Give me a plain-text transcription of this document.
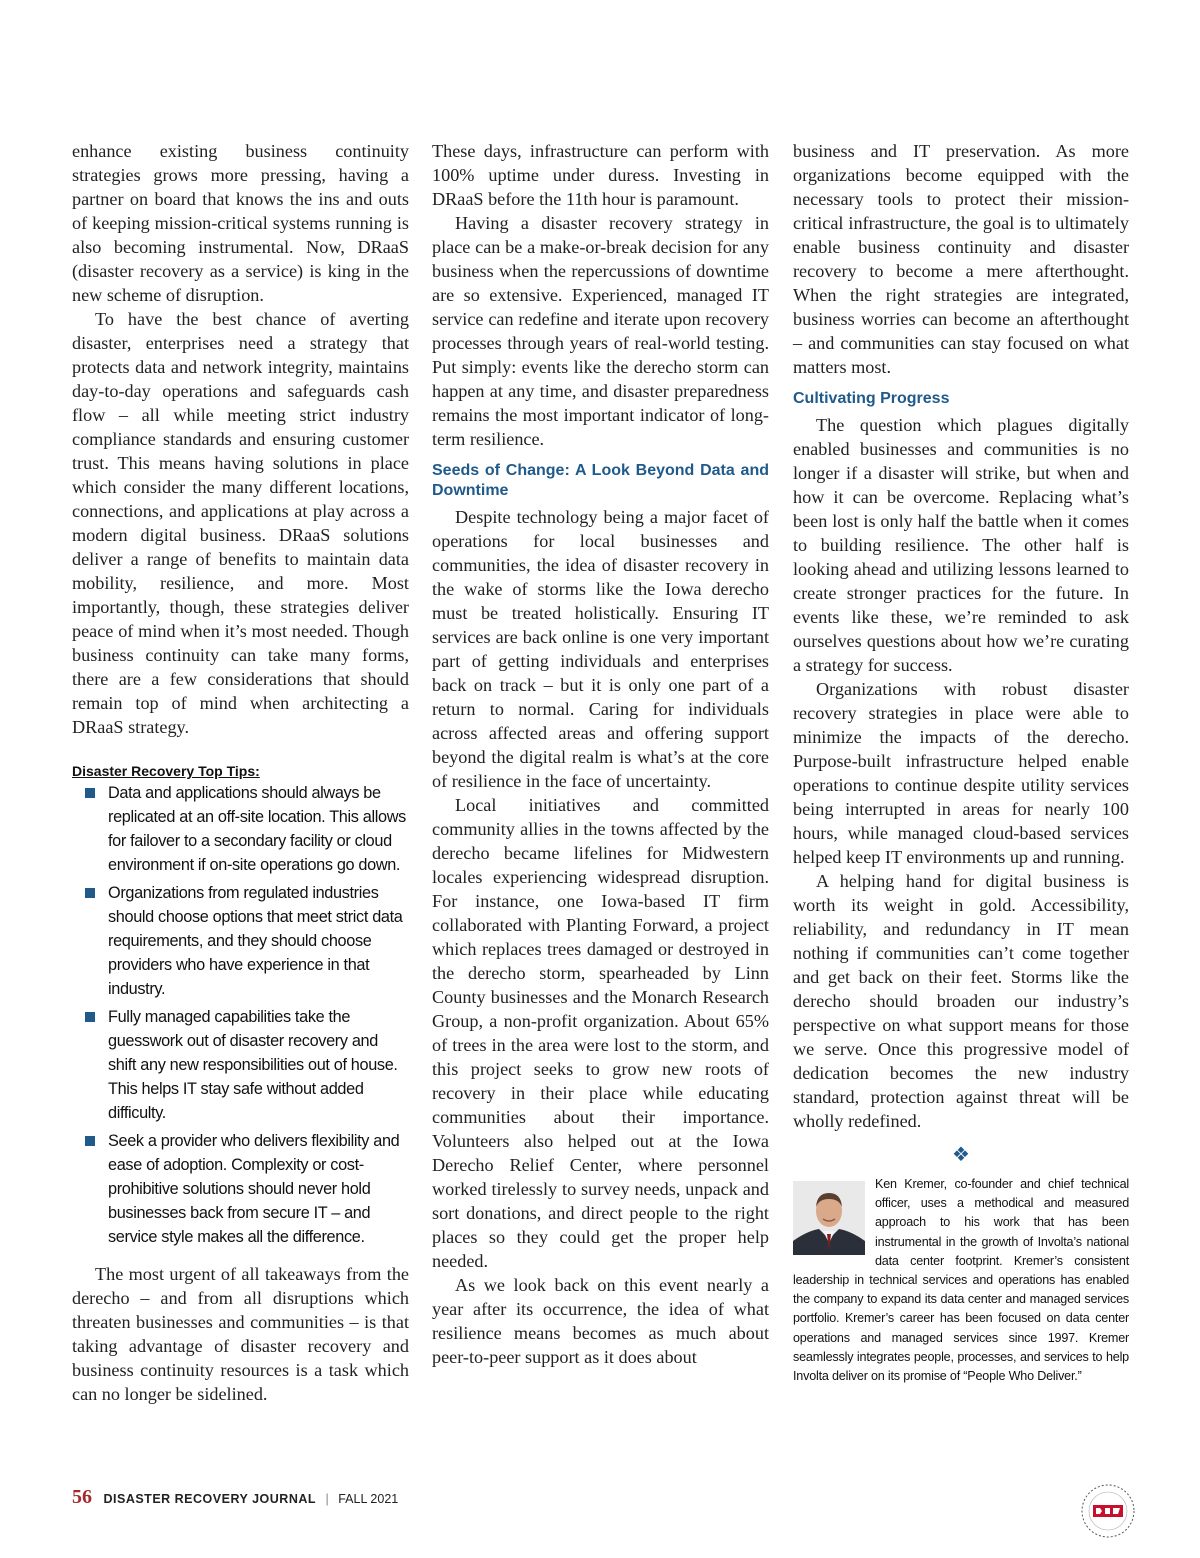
enhance existing business continuity strategies grows more pressing, having a partner on board that knows the ins and outs of keeping mission-critical systems running is also becoming instrumental. Now, DRaaS (disaster recovery as a service) is king in the new scheme of disruption.

To have the best chance of averting disaster, enterprises need a strategy that protects data and network integrity, maintains day-to-day operations and safeguards cash flow – all while meeting strict industry compliance standards and ensuring customer trust. This means having solutions in place which consider the many different locations, connections, and applications at play across a modern digital business. DRaaS solutions deliver a range of benefits to maintain data mobility, resilience, and more. Most importantly, though, these strategies deliver peace of mind when it’s most needed. Though business continuity can take many forms, there are a few considerations that should remain top of mind when architecting a DRaaS strategy.

Disaster Recovery Top Tips:
Data and applications should always be replicated at an off-site location. This allows for failover to a secondary facility or cloud environment if on-site operations go down.
Organizations from regulated industries should choose options that meet strict data requirements, and they should choose providers who have experience in that industry.
Fully managed capabilities take the guesswork out of disaster recovery and shift any new responsibilities out of house. This helps IT stay safe without added difficulty.
Seek a provider who delivers flexibility and ease of adoption. Complexity or cost-prohibitive solutions should never hold businesses back from secure IT – and service style makes all the difference.

The most urgent of all takeaways from the derecho – and from all disruptions which threaten businesses and communities – is that taking advantage of disaster recovery and business continuity resources is a task which can no longer be sidelined.

These days, infrastructure can perform with 100% uptime under duress. Investing in DRaaS before the 11th hour is paramount.

Having a disaster recovery strategy in place can be a make-or-break decision for any business when the repercussions of downtime are so extensive. Experienced, managed IT service can redefine and iterate upon recovery processes through years of real-world testing. Put simply: events like the derecho storm can happen at any time, and disaster preparedness remains the most important indicator of long-term resilience.

Seeds of Change: A Look Beyond Data and Downtime

Despite technology being a major facet of operations for local businesses and communities, the idea of disaster recovery in the wake of storms like the Iowa derecho must be treated holistically. Ensuring IT services are back online is one very important part of getting individuals and enterprises back on track – but it is only one part of a return to normal. Caring for individuals across affected areas and offering support beyond the digital realm is what’s at the core of resilience in the face of uncertainty.

Local initiatives and committed community allies in the towns affected by the derecho became lifelines for Midwestern locales experiencing widespread disruption. For instance, one Iowa-based IT firm collaborated with Planting Forward, a project which replaces trees damaged or destroyed in the derecho storm, spearheaded by Linn County businesses and the Monarch Research Group, a non-profit organization. About 65% of trees in the area were lost to the storm, and this project seeks to grow new roots of recovery in their place while educating communities about their importance. Volunteers also helped out at the Iowa Derecho Relief Center, where personnel worked tirelessly to survey needs, unpack and sort donations, and direct people to the right places so they could get the proper help needed.

As we look back on this event nearly a year after its occurrence, the idea of what resilience means becomes as much about peer-to-peer support as it does about

business and IT preservation. As more organizations become equipped with the necessary tools to protect their mission-critical infrastructure, the goal is to ultimately enable business continuity and disaster recovery to become a mere afterthought. When the right strategies are integrated, business worries can become an afterthought – and communities can stay focused on what matters most.

Cultivating Progress

The question which plagues digitally enabled businesses and communities is no longer if a disaster will strike, but when and how it can be overcome. Replacing what’s been lost is only half the battle when it comes to building resilience. The other half is looking ahead and utilizing lessons learned to create stronger practices for the future. In events like these, we’re reminded to ask ourselves questions about how we’re curating a strategy for success.

Organizations with robust disaster recovery strategies in place were able to minimize the impacts of the derecho. Purpose-built infrastructure helped enable operations to continue despite utility services being interrupted in areas for nearly 100 hours, while managed cloud-based services helped keep IT environments up and running.

A helping hand for digital business is worth its weight in gold. Accessibility, reliability, and redundancy in IT mean nothing if communities can’t come together and get back on their feet. Storms like the derecho should broaden our industry’s perspective on what support means for those we serve. Once this progressive model of dedication becomes the new industry standard, protection against threat will be wholly redefined.

❖
Ken Kremer, co-founder and chief technical officer, uses a methodical and measured approach to his work that has been instrumental in the growth of Involta’s national data center footprint. Kremer’s consistent leadership in technical services and operations has enabled the company to expand its data center and managed services portfolio. Kremer’s career has been focused on data center operations and managed services since 1997. Kremer seamlessly integrates people, processes, and services to help Involta deliver on its promise of “People Who Deliver.”
56 DISASTER RECOVERY JOURNAL | FALL 2021
